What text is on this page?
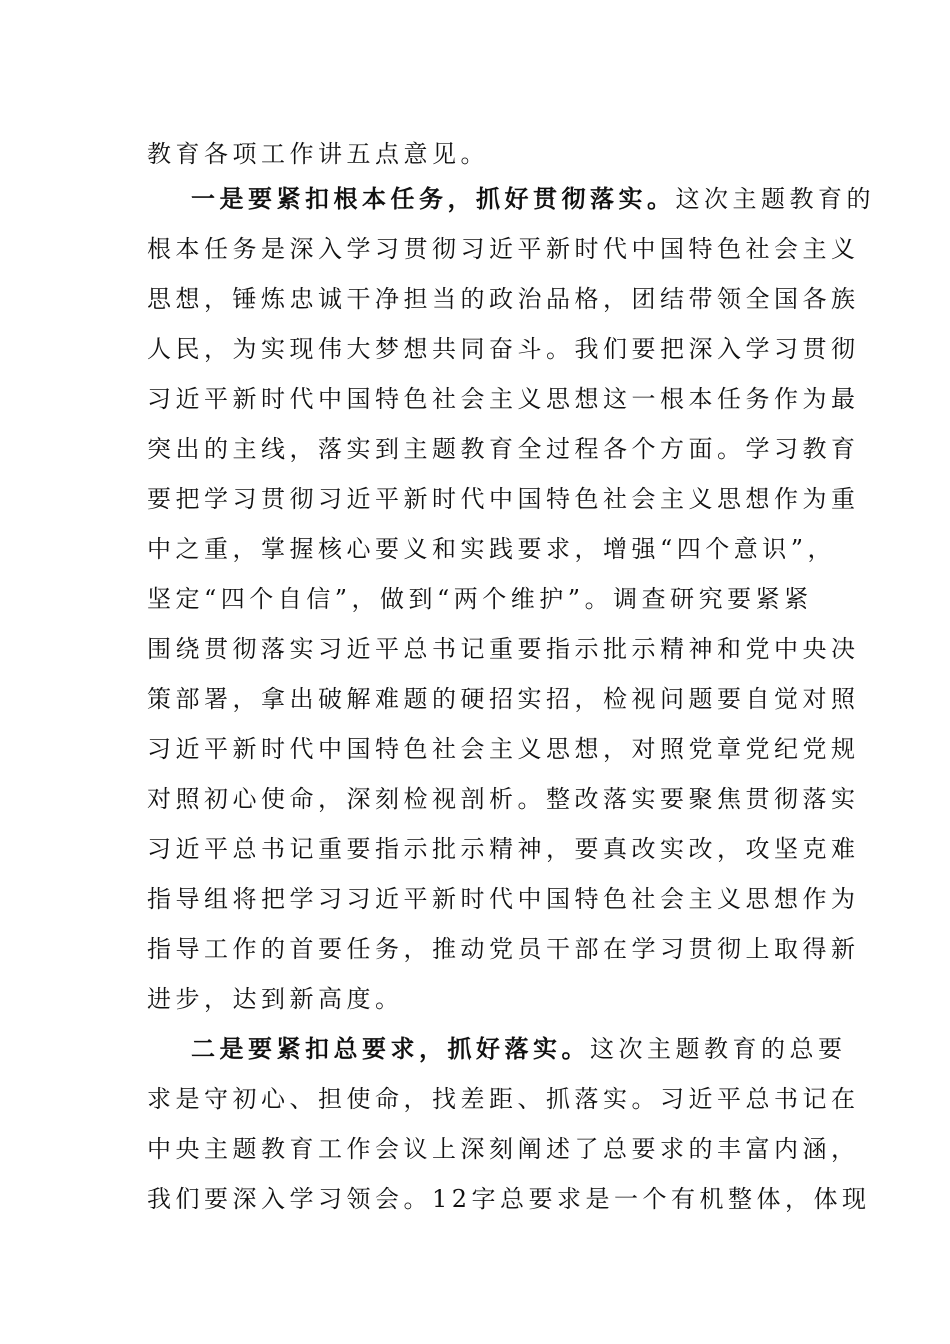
教育各项工作讲五点意见。
一是要紧扣根本任务，抓好贯彻落实。这次主题教育的
根本任务是深入学习贯彻习近平新时代中国特色社会主义
思想，锤炼忠诚干净担当的政治品格，团结带领全国各族
人民，为实现伟大梦想共同奋斗。我们要把深入学习贯彻
习近平新时代中国特色社会主义思想这一根本任务作为最
突出的主线，落实到主题教育全过程各个方面。学习教育
要把学习贯彻习近平新时代中国特色社会主义思想作为重
中之重，掌握核心要义和实践要求，增强“四个意识”，
坚定“四个自信”，做到“两个维护”。调查研究要紧紧
围绕贯彻落实习近平总书记重要指示批示精神和党中央决
策部署，拿出破解难题的硬招实招，检视问题要自觉对照
习近平新时代中国特色社会主义思想，对照党章党纪党规
对照初心使命，深刻检视剖析。整改落实要聚焦贯彻落实
习近平总书记重要指示批示精神，要真改实改，攻坚克难
指导组将把学习习近平新时代中国特色社会主义思想作为
指导工作的首要任务，推动党员干部在学习贯彻上取得新
进步，达到新高度。
二是要紧扣总要求，抓好落实。这次主题教育的总要
求是守初心、担使命，找差距、抓落实。习近平总书记在
中央主题教育工作会议上深刻阐述了总要求的丰富内涵，
我们要深入学习领会。12字总要求是一个有机整体，体现
